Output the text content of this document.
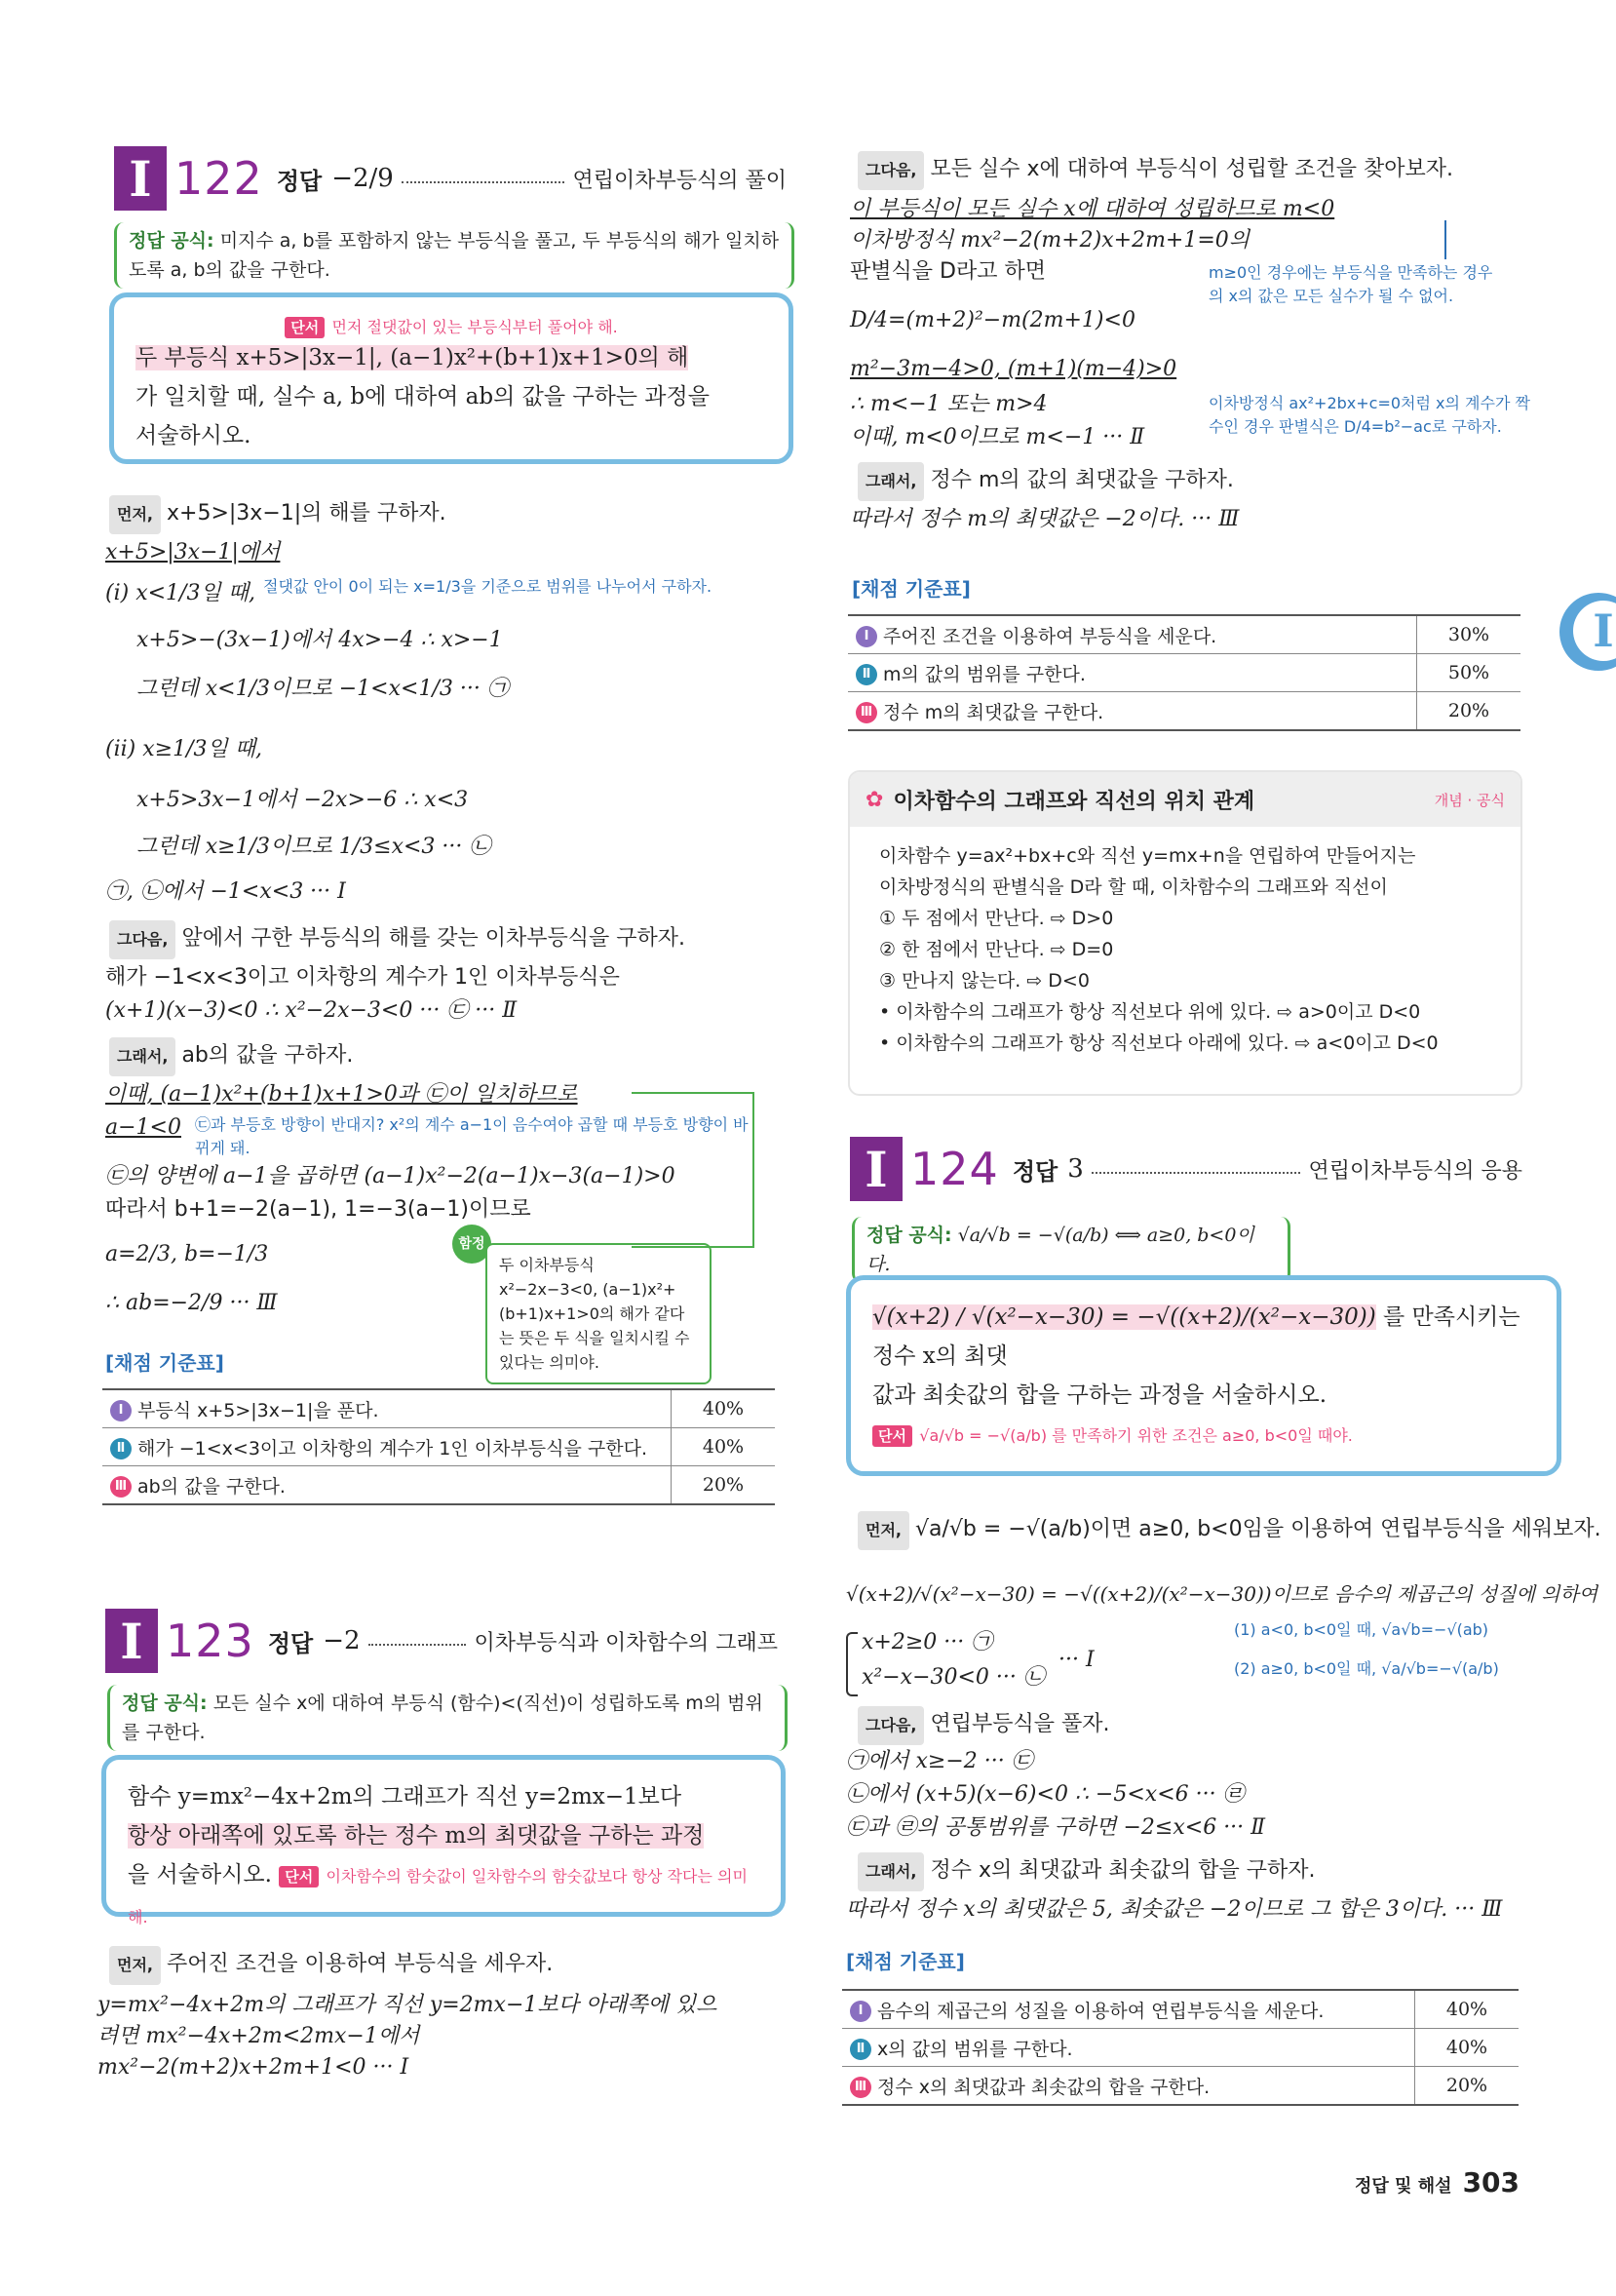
I 122 정답 −2/9	연립이차부등식의 풀이
정답 공식: 미지수 a, b를 포함하지 않는 부등식을 풀고, 두 부등식의 해가 일치하도록 a, b의 값을 구한다.
단서 먼저 절댓값이 있는 부등식부터 풀어야 해.
두 부등식 x+5>|3x−1|, (a−1)x²+(b+1)x+1>0의 해
가 일치할 때, 실수 a, b에 대하여 ab의 값을 구하는 과정을
서술하시오.
먼저, x+5>|3x−1|의 해를 구하자.
x+5>|3x−1|에서
(i) x<1/3일 때, 절댓값 안이 0이 되는 x=1/3을 기준으로 범위를 나누어서 구하자.
x+5>−(3x−1)에서 4x>−4 ∴ x>−1
그런데 x<1/3이므로 −1<x<1/3 ··· ㉠
(ii) x≥1/3일 때,
x+5>3x−1에서 −2x>−6 ∴ x<3
그런데 x≥1/3이므로 1/3≤x<3 ··· ㉡
㉠, ㉡에서 −1<x<3 ··· Ⅰ
그다음, 앞에서 구한 부등식의 해를 갖는 이차부등식을 구하자.
해가 −1<x<3이고 이차항의 계수가 1인 이차부등식은
(x+1)(x−3)<0 ∴ x²−2x−3<0 ··· ㉢ ··· Ⅱ
그래서, ab의 값을 구하자.
이때, (a−1)x²+(b+1)x+1>0과 ㉢이 일치하므로
a−1<0 ㉢과 부등호 방향이 반대지? x²의 계수 a−1이 음수여야 곱할 때 부등호 방향이 바뀌게 돼.
㉢의 양변에 a−1을 곱하면 (a−1)x²−2(a−1)x−3(a−1)>0
따라서 b+1=−2(a−1), 1=−3(a−1)이므로
a=2/3, b=−1/3
∴ ab=−2/9 ··· Ⅲ
함정
두 이차부등식 x²−2x−3<0, (a−1)x²+(b+1)x+1>0의 해가 같다는 뜻은 두 식을 일치시킬 수 있다는 의미야.
[채점 기준표]
Ⅰ 부등식 x+5>|3x−1|을 푼다.	40%
Ⅱ 해가 −1<x<3이고 이차항의 계수가 1인 이차부등식을 구한다.	40%
Ⅲ ab의 값을 구한다.	20%
I 123 정답 −2	이차부등식과 이차함수의 그래프
정답 공식: 모든 실수 x에 대하여 부등식 (함수)<(직선)이 성립하도록 m의 범위를 구한다.
함수 y=mx²−4x+2m의 그래프가 직선 y=2mx−1보다
항상 아래쪽에 있도록 하는 정수 m의 최댓값을 구하는 과정
을 서술하시오. 단서 이차함수의 함숫값이 일차함수의 함숫값보다 항상 작다는 의미해.
먼저, 주어진 조건을 이용하여 부등식을 세우자.
y=mx²−4x+2m의 그래프가 직선 y=2mx−1보다 아래쪽에 있으
려면 mx²−4x+2m<2mx−1에서
mx²−2(m+2)x+2m+1<0 ··· Ⅰ
그다음, 모든 실수 x에 대하여 부등식이 성립할 조건을 찾아보자.
이 부등식이 모든 실수 x에 대하여 성립하므로 m<0
이차방정식 mx²−2(m+2)x+2m+1=0의
판별식을 D라고 하면	m≥0인 경우에는 부등식을 만족하는 경우의 x의 값은 모든 실수가 될 수 없어.
D/4=(m+2)²−m(2m+1)<0
m²−3m−4>0, (m+1)(m−4)>0
∴ m<−1 또는 m>4	이차방정식 ax²+2bx+c=0처럼 x의 계수가 짝수인 경우 판별식은 D/4=b²−ac로 구하자.
이때, m<0이므로 m<−1 ··· Ⅱ
그래서, 정수 m의 값의 최댓값을 구하자.
따라서 정수 m의 최댓값은 −2이다. ··· Ⅲ
[채점 기준표]
Ⅰ 주어진 조건을 이용하여 부등식을 세운다.	30%
Ⅱ m의 값의 범위를 구한다.	50%
Ⅲ 정수 m의 최댓값을 구한다.	20%
✿ 이차함수의 그래프와 직선의 위치 관계	개념 · 공식
이차함수 y=ax²+bx+c와 직선 y=mx+n을 연립하여 만들어지는
이차방정식의 판별식을 D라 할 때, 이차함수의 그래프와 직선이
① 두 점에서 만난다. ⇨ D>0
② 한 점에서 만난다. ⇨ D=0
③ 만나지 않는다. ⇨ D<0
• 이차함수의 그래프가 항상 직선보다 위에 있다. ⇨ a>0이고 D<0
• 이차함수의 그래프가 항상 직선보다 아래에 있다. ⇨ a<0이고 D<0
I 124 정답 3	연립이차부등식의 응용
정답 공식: √a/√b = −√(a/b) ⟺ a≥0, b<0이다.
√(x+2) / √(x²−x−30) = −√((x+2)/(x²−x−30)) 를 만족시키는 정수 x의 최댓
값과 최솟값의 합을 구하는 과정을 서술하시오.
단서 √a/√b = −√(a/b) 를 만족하기 위한 조건은 a≥0, b<0일 때야.
먼저, √a/√b = −√(a/b)이면 a≥0, b<0임을 이용하여 연립부등식을 세워보자.
√(x+2)/√(x²−x−30) = −√((x+2)/(x²−x−30))이므로 음수의 제곱근의 성질에 의하여
(1) a<0, b<0일 때, √a√b=−√(ab)
(2) a≥0, b<0일 때, √a/√b=−√(a/b)
x+2≥0 ··· ㉠
x²−x−30<0 ··· ㉡
··· Ⅰ
그다음, 연립부등식을 풀자.
㉠에서 x≥−2 ··· ㉢
㉡에서 (x+5)(x−6)<0 ∴ −5<x<6 ··· ㉣
㉢과 ㉣의 공통범위를 구하면 −2≤x<6 ··· Ⅱ
그래서, 정수 x의 최댓값과 최솟값의 합을 구하자.
따라서 정수 x의 최댓값은 5, 최솟값은 −2이므로 그 합은 3이다. ··· Ⅲ
[채점 기준표]
Ⅰ 음수의 제곱근의 성질을 이용하여 연립부등식을 세운다.	40%
Ⅱ x의 값의 범위를 구한다.	40%
Ⅲ 정수 x의 최댓값과 최솟값의 합을 구한다.	20%
I
정답 및 해설 303
